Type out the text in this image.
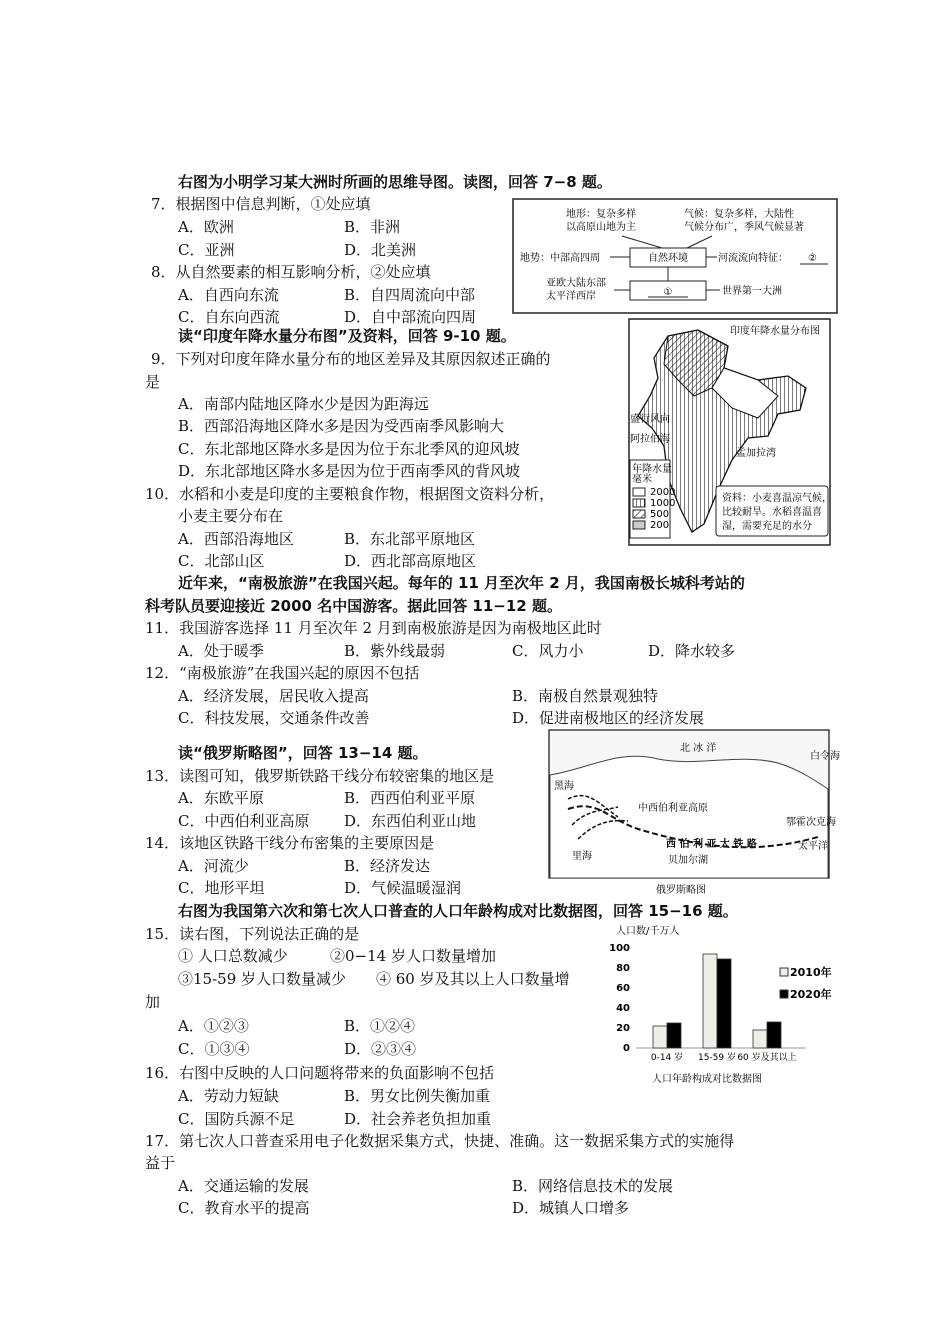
右图为小明学习某大洲时所画的思维导图。读图，回答 7−8 题。
7．根据图中信息判断，①处应填
A．欧洲	B．非洲
C．亚洲	D．北美洲
8．从自然要素的相互影响分析，②处应填
A．自西向东流	B．自四周流向中部
C．自东向西流	D．自中部流向四周
地形：复杂多样
以高原山地为主
气候：复杂多样，大陆性
气候分布广，季风气候显著
自然环境
地势：中部高四周	河流流向特征： ②
①
亚欧大陆东部
太平洋西岸	世界第一大洲
读“印度年降水量分布图”及资料，回答 9-10 题。
9．下列对印度年降水量分布的地区差异及其原因叙述正确的
是
A．南部内陆地区降水少是因为距海远
B．西部沿海地区降水多是因为受西南季风影响大
C．东北部地区降水多是因为位于东北季风的迎风坡
D．东北部地区降水多是因为位于西南季风的背风坡
10．水稻和小麦是印度的主要粮食作物，根据图文资料分析，
小麦主要分布在
A．西部沿海地区	B．东北部平原地区
C．北部山区	D．西北部高原地区
印度年降水量分布图
盛行风向
阿拉伯海
孟加拉湾
年降水量
毫米
2000
1000
500
200
资料：小麦喜温凉气候，
比较耐旱。水稻喜温喜
湿，需要充足的水分
近年来，“南极旅游”在我国兴起。每年的 11 月至次年 2 月，我国南极长城科考站的
科考队员要迎接近 2000 名中国游客。据此回答 11−12 题。
11．我国游客选择 11 月至次年 2 月到南极旅游是因为南极地区此时
A．处于暖季	B．紫外线最弱	C．风力小	D．降水较多
12．“南极旅游”在我国兴起的原因不包括
A．经济发展，居民收入提高	B．南极自然景观独特
C．科技发展，交通条件改善	D．促进南极地区的经济发展
读“俄罗斯略图”，回答 13−14 题。
13．读图可知，俄罗斯铁路干线分布较密集的地区是
A．东欧平原	B．西西伯利亚平原
C．中西伯利亚高原 D．东西伯利亚山地
14．该地区铁路干线分布密集的主要原因是
A．河流少	B．经济发达
C．地形平坦	D．气候温暖湿润
北 冰 洋
白令海
鄂霍次克海
黑海
里海
中西伯利亚高原
西 伯 利 亚 大 铁 路
贝加尔湖
太平洋
俄罗斯略图
右图为我国第六次和第七次人口普查的人口年龄构成对比数据图，回答 15−16 题。
15．读右图，下列说法正确的是
① 人口总数减少	②0−14 岁人口数量增加
③15-59 岁人口数量减少 ④ 60 岁及其以上人口数量增
加
A．①②③	B．①②④
C．①③④	D．②③④
16．右图中反映的人口问题将带来的负面影响不包括
A．劳动力短缺	B．男女比例失衡加重
C．国防兵源不足	D．社会养老负担加重
人口数/千万人
0
20
40
60
80
100
0-14 岁 15-59 岁 60 岁及其以上
2010年
2020年
人口年龄构成对比数据图
17．第七次人口普查采用电子化数据采集方式，快捷、准确。这一数据采集方式的实施得
益于
A．交通运输的发展	B．网络信息技术的发展
C．教育水平的提高	D．城镇人口增多
